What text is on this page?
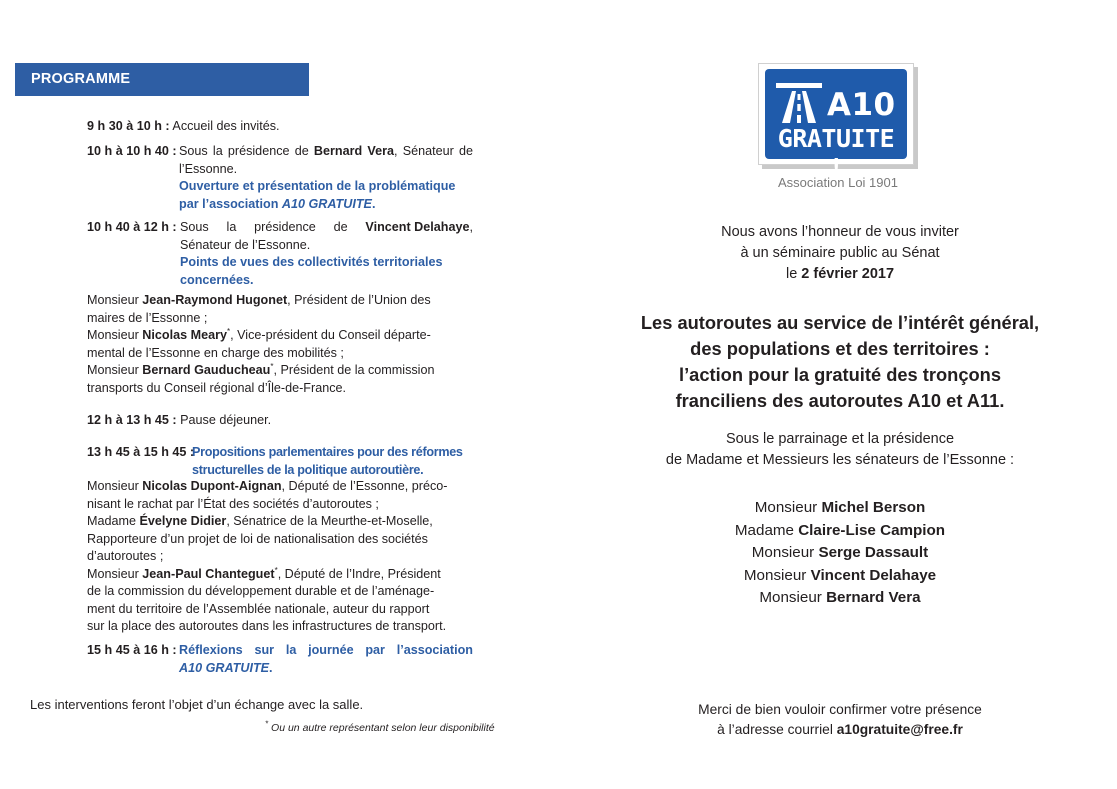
PROGRAMME
9 h 30 à 10 h : Accueil des invités.
10 h à 10 h 40 : Sous la présidence de Bernard Vera, Sénateur de
l’Essonne.
Ouverture et présentation de la problématique
par l’association A10 GRATUITE.
10 h 40 à 12 h : Sous la présidence de Vincent Delahaye,
Sénateur de l’Essonne.
Points de vues des collectivités territoriales
concernées.
Monsieur Jean-Raymond Hugonet, Président de l’Union des
maires de l’Essonne ;
Monsieur Nicolas Meary*, Vice-président du Conseil départe-
mental de l’Essonne en charge des mobilités ;
Monsieur Bernard Gauducheau*, Président de la commission
transports du Conseil régional d’Île-de-France.
12 h à 13 h 45 : Pause déjeuner.
13 h 45 à 15 h 45 :
Propositions parlementaires pour des réformes
structurelles de la politique autoroutière.
Monsieur Nicolas Dupont-Aignan, Député de l’Essonne, préco-
nisant le rachat par l’État des sociétés d’autoroutes ;
Madame Évelyne Didier, Sénatrice de la Meurthe-et-Moselle,
Rapporteure d’un projet de loi de nationalisation des sociétés
d’autoroutes ;
Monsieur Jean-Paul Chanteguet*, Député de l’Indre, Président
de la commission du développement durable et de l’aménage-
ment du territoire de l’Assemblée nationale, auteur du rapport
sur la place des autoroutes dans les infrastructures de transport.
15 h 45 à 16 h : Réflexions sur la journée par l’association
A10 GRATUITE.
Les interventions feront l’objet d’un échange avec la salle.
* Ou un autre représentant selon leur disponibilité
A10
GRATUITE !
Association Loi 1901
Nous avons l’honneur de vous inviter
à un séminaire public au Sénat
le 2 février 2017
Les autoroutes au service de l’intérêt général,
des populations et des territoires :
l’action pour la gratuité des tronçons
franciliens des autoroutes A10 et A11.
Sous le parrainage et la présidence
de Madame et Messieurs les sénateurs de l’Essonne :
Monsieur Michel Berson
Madame Claire-Lise Campion
Monsieur Serge Dassault
Monsieur Vincent Delahaye
Monsieur Bernard Vera
Merci de bien vouloir confirmer votre présence
à l’adresse courriel a10gratuite@free.fr
